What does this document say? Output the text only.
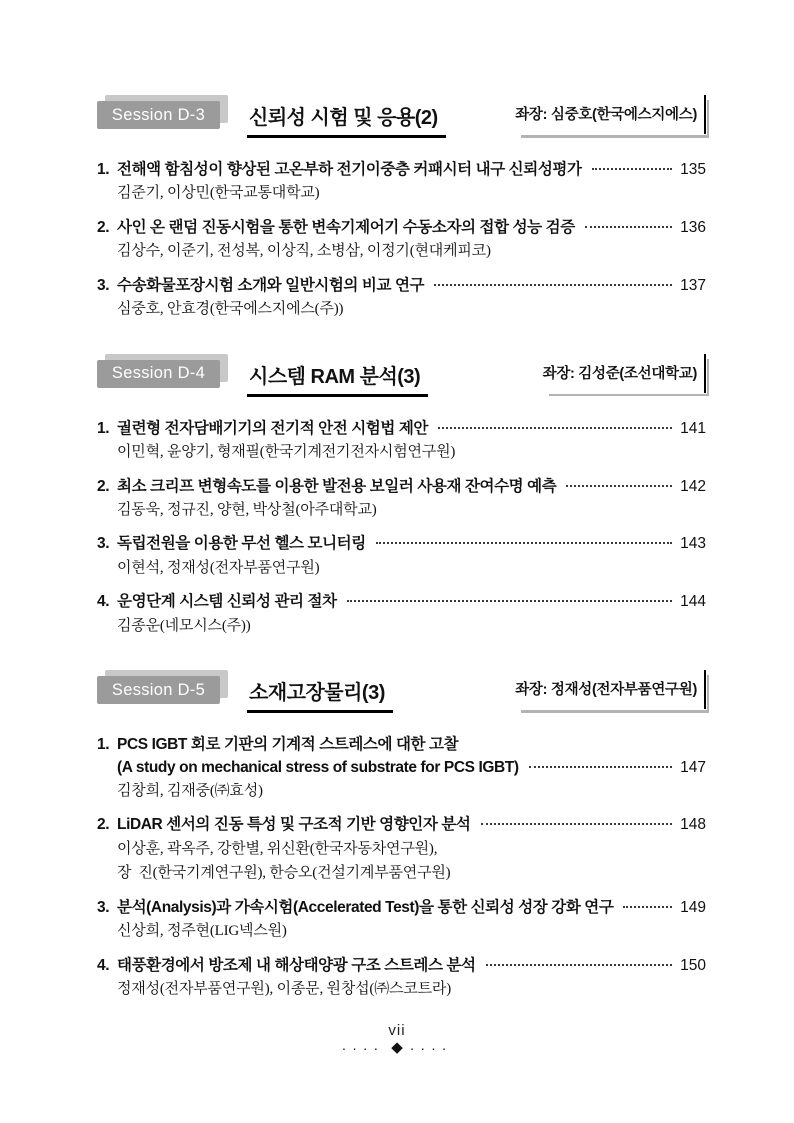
Session D-3	신뢰성 시험 및 응용(2)	좌장: 심중호(한국에스지에스)
1. 전해액 함침성이 향상된 고온부하 전기이중층 커패시터 내구 신뢰성평가	135
김준기, 이상민(한국교통대학교)
2. 사인 온 랜덤 진동시험을 통한 변속기제어기 수동소자의 접합 성능 검증	136
김상수, 이준기, 전성복, 이상직, 소병삼, 이정기(현대케피코)
3. 수송화물포장시험 소개와 일반시험의 비교 연구	137
심중호, 안효경(한국에스지에스(주))
Session D-4	시스템 RAM 분석(3)	좌장: 김성준(조선대학교)
1. 궐련형 전자담배기기의 전기적 안전 시험법 제안	141
이민혁, 윤양기, 형재필(한국기계전기전자시험연구원)
2. 최소 크리프 변형속도를 이용한 발전용 보일러 사용재 잔여수명 예측	142
김동욱, 정규진, 양현, 박상철(아주대학교)
3. 독립전원을 이용한 무선 헬스 모니터링	143
이현석, 정재성(전자부품연구원)
4. 운영단계 시스템 신뢰성 관리 절차	144
김종운(네모시스(주))
Session D-5	소재고장물리(3)	좌장: 정재성(전자부품연구원)
1. PCS IGBT 회로 기판의 기계적 스트레스에 대한 고찰
(A study on mechanical stress of substrate for PCS IGBT)	147
김창희, 김재중(㈜효성)
2. LiDAR 센서의 진동 특성 및 구조적 기반 영향인자 분석	148
이상훈, 곽옥주, 강한별, 위신환(한국자동차연구원),
장  진(한국기계연구원), 한승오(건설기계부품연구원)
3. 분석(Analysis)과 가속시험(Accelerated Test)을 통한 신뢰성 성장 강화 연구	149
신상희, 정주현(LIG넥스원)
4. 태풍환경에서 방조제 내 해상태양광 구조 스트레스 분석	150
정재성(전자부품연구원), 이종문, 원창섭(㈜스코트라)
vii
···· ◆ ····
